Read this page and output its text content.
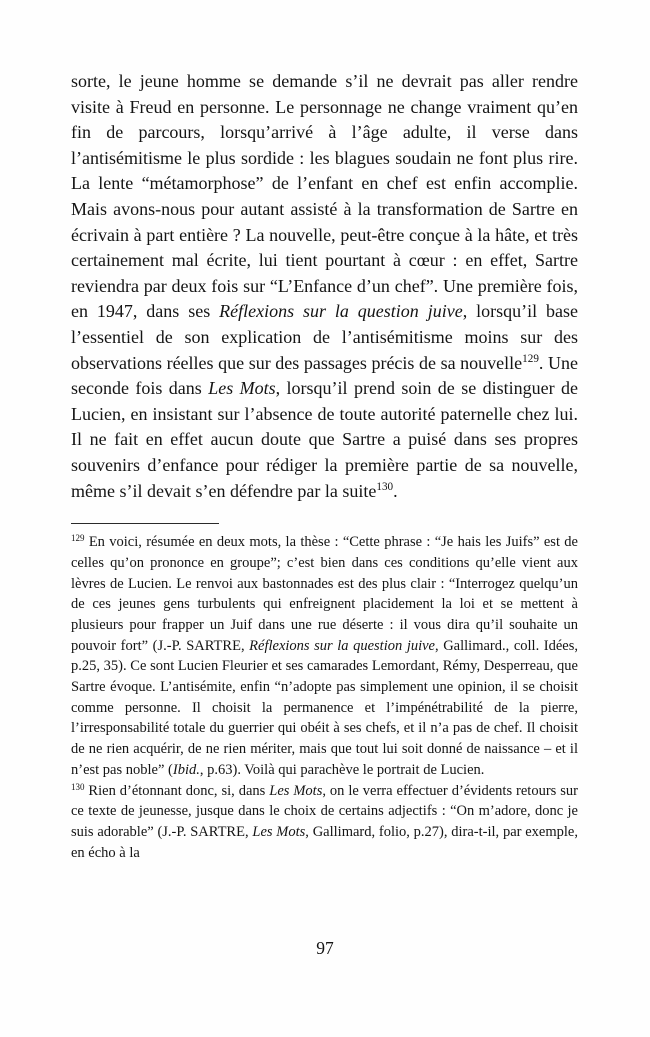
sorte, le jeune homme se demande s’il ne devrait pas aller rendre visite à Freud en personne. Le personnage ne change vraiment qu’en fin de parcours, lorsqu’arrivé à l’âge adulte, il verse dans l’antisémitisme le plus sordide : les blagues soudain ne font plus rire. La lente “métamorphose” de l’enfant en chef est enfin accomplie. Mais avons-nous pour autant assisté à la transformation de Sartre en écrivain à part entière ? La nouvelle, peut-être conçue à la hâte, et très certainement mal écrite, lui tient pourtant à cœur : en effet, Sartre reviendra par deux fois sur “L’Enfance d’un chef”. Une première fois, en 1947, dans ses Réflexions sur la question juive, lorsqu’il base l’essentiel de son explication de l’antisémitisme moins sur des observations réelles que sur des passages précis de sa nouvelle$^{129}$. Une seconde fois dans Les Mots, lorsqu’il prend soin de se distinguer de Lucien, en insistant sur l’absence de toute autorité paternelle chez lui. Il ne fait en effet aucun doute que Sartre a puisé dans ses propres souvenirs d’enfance pour rédiger la première partie de sa nouvelle, même s’il devait s’en défendre par la suite$^{130}$.

$^{129}$ En voici, résumée en deux mots, la thèse : “Cette phrase : “Je hais les Juifs” est de celles qu’on prononce en groupe”; c’est bien dans ces conditions qu’elle vient aux lèvres de Lucien. Le renvoi aux bastonnades est des plus clair : “Interrogez quelqu’un de ces jeunes gens turbulents qui enfreignent placidement la loi et se mettent à plusieurs pour frapper un Juif dans une rue déserte : il vous dira qu’il souhaite un pouvoir fort” (J.-P. SARTRE, Réflexions sur la question juive, Gallimard., coll. Idées, p.25, 35). Ce sont Lucien Fleurier et ses camarades Lemordant, Rémy, Desperreau, que Sartre évoque. L’antisémite, enfin “n’adopte pas simplement une opinion, il se choisit comme personne. Il choisit la permanence et l’impénétrabilité de la pierre, l’irresponsabilité totale du guerrier qui obéit à ses chefs, et il n’a pas de chef. Il choisit de ne rien acquérir, de ne rien mériter, mais que tout lui soit donné de naissance – et il n’est pas noble” (Ibid., p.63). Voilà qui parachève le portrait de Lucien.

$^{130}$ Rien d’étonnant donc, si, dans Les Mots, on le verra effectuer d’évidents retours sur ce texte de jeunesse, jusque dans le choix de certains adjectifs : “On m’adore, donc je suis adorable” (J.-P. SARTRE, Les Mots, Gallimard, folio, p.27), dira-t-il, par exemple, en écho à la

97
